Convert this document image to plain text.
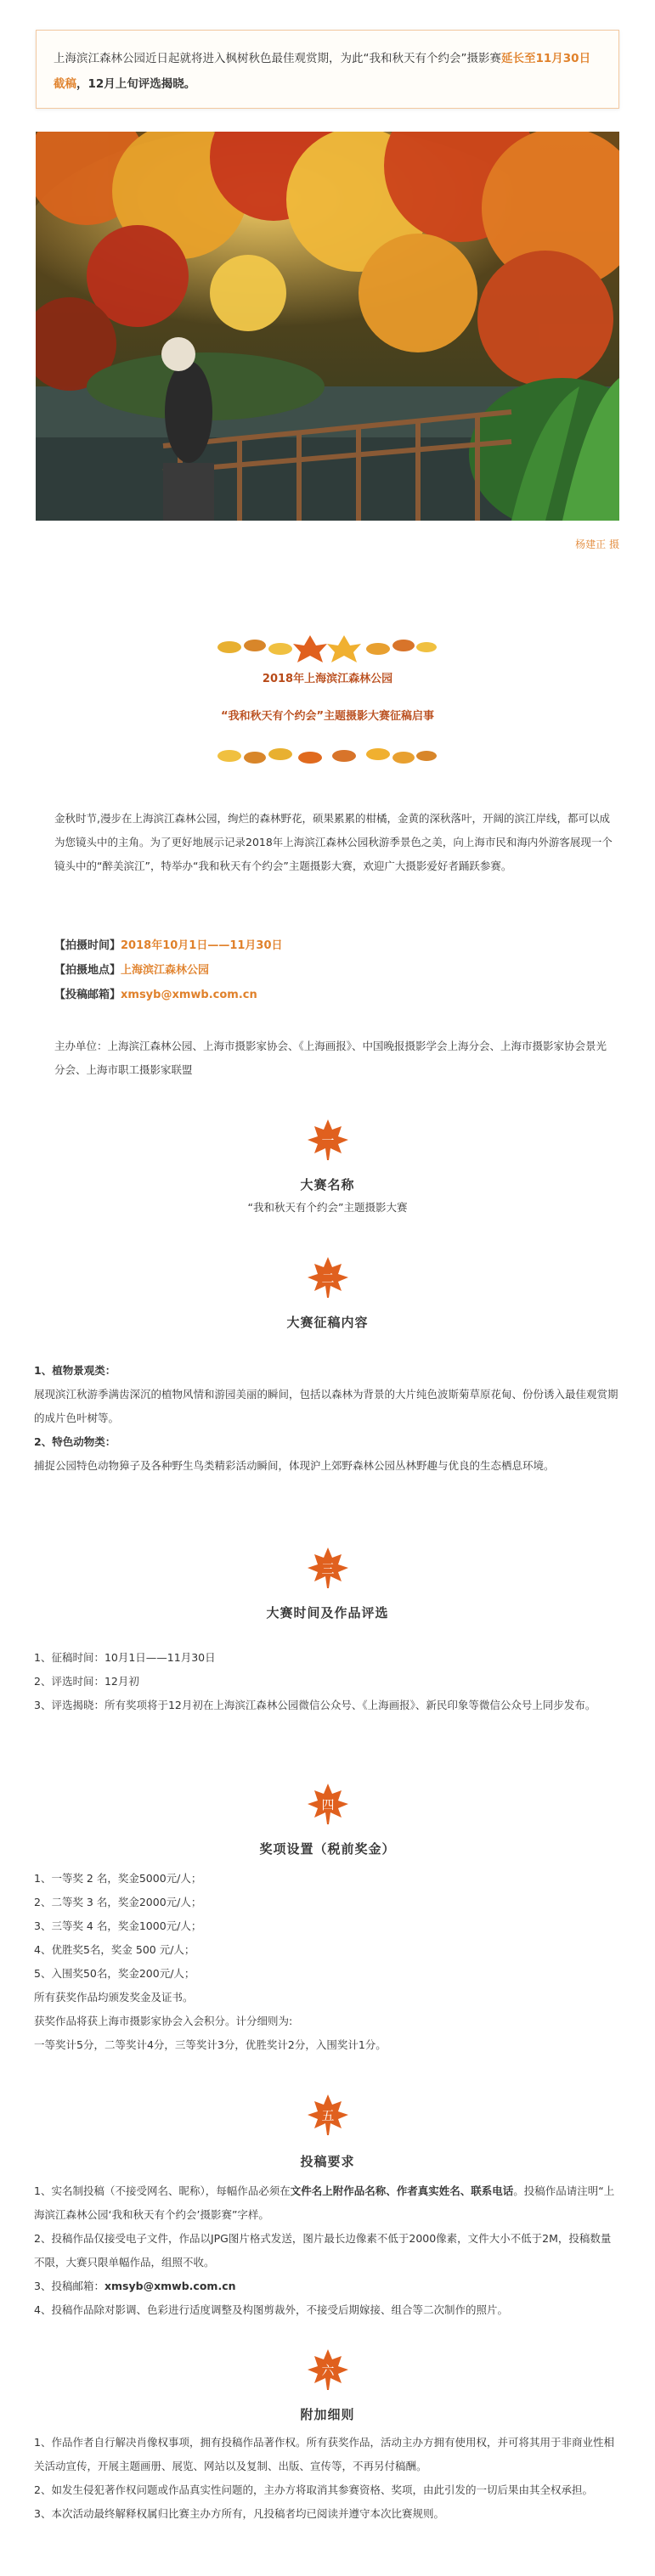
上海滨江森林公园近日起就将进入枫树秋色最佳观赏期，为此“我和秋天有个约会”摄影赛延长至11月30日截稿，12月上旬评选揭晓。
杨建正 摄
2018年上海滨江森林公园
“我和秋天有个约会”主题摄影大赛征稿启事
金秋时节,漫步在上海滨江森林公园，绚烂的森林野花，硕果累累的柑橘，金黄的深秋落叶，开阔的滨江岸线，都可以成为您镜头中的主角。为了更好地展示记录2018年上海滨江森林公园秋游季景色之美，向上海市民和海内外游客展现一个镜头中的“醉美滨江”，特举办“我和秋天有个约会”主题摄影大赛，欢迎广大摄影爱好者踊跃参赛。
【拍摄时间】2018年10月1日——11月30日
【拍摄地点】上海滨江森林公园
【投稿邮箱】xmsyb@xmwb.com.cn
主办单位：上海滨江森林公园、上海市摄影家协会、《上海画报》、中国晚报摄影学会上海分会、上海市摄影家协会景光分会、上海市职工摄影家联盟
一
大赛名称
“我和秋天有个约会”主题摄影大赛
二
大赛征稿内容
1、植物景观类：
展现滨江秋游季满齿深沉的植物风情和游园美丽的瞬间，包括以森林为背景的大片纯色波斯菊草原花甸、份份诱入最佳观赏期的成片色叶树等。
2、特色动物类：
捕捉公园特色动物獐子及各种野生鸟类精彩活动瞬间，体现沪上郊野森林公园丛林野趣与优良的生态栖息环境。
三
大赛时间及作品评选
1、征稿时间：10月1日——11月30日
2、评选时间：12月初
3、评选揭晓：所有奖项将于12月初在上海滨江森林公园微信公众号、《上海画报》、新民印象等微信公众号上同步发布。
四
奖项设置（税前奖金）
1、一等奖 2 名，奖金5000元/人；
2、二等奖 3 名，奖金2000元/人；
3、三等奖 4 名，奖金1000元/人；
4、优胜奖5名，奖金 500 元/人；
5、入围奖50名，奖金200元/人；
所有获奖作品均颁发奖金及证书。
获奖作品将获上海市摄影家协会入会积分。计分细则为:
一等奖计5分，二等奖计4分，三等奖计3分，优胜奖计2分，入围奖计1分。
五
投稿要求
1、实名制投稿（不接受网名、昵称），每幅作品必须在文件名上附作品名称、作者真实姓名、联系电话。投稿作品请注明“上海滨江森林公园‘我和秋天有个约会’摄影赛”字样。
2、投稿作品仅接受电子文件，作品以JPG图片格式发送，图片最长边像素不低于2000像素，文件大小不低于2M，投稿数量不限，大赛只限单幅作品，组照不收。
3、投稿邮箱：xmsyb@xmwb.com.cn
4、投稿作品除对影调、色彩进行适度调整及构图剪裁外，不接受后期嫁接、组合等二次制作的照片。
六
附加细则
1、作品作者自行解决肖像权事项，拥有投稿作品著作权。所有获奖作品，活动主办方拥有使用权，并可将其用于非商业性相关活动宣传，开展主题画册、展览、网站以及复制、出版、宣传等，不再另付稿酬。
2、如发生侵犯著作权问题或作品真实性问题的，主办方将取消其参赛资格、奖项，由此引发的一切后果由其全权承担。
3、本次活动最终解释权属归比赛主办方所有，凡投稿者均已阅读并遵守本次比赛规则。
